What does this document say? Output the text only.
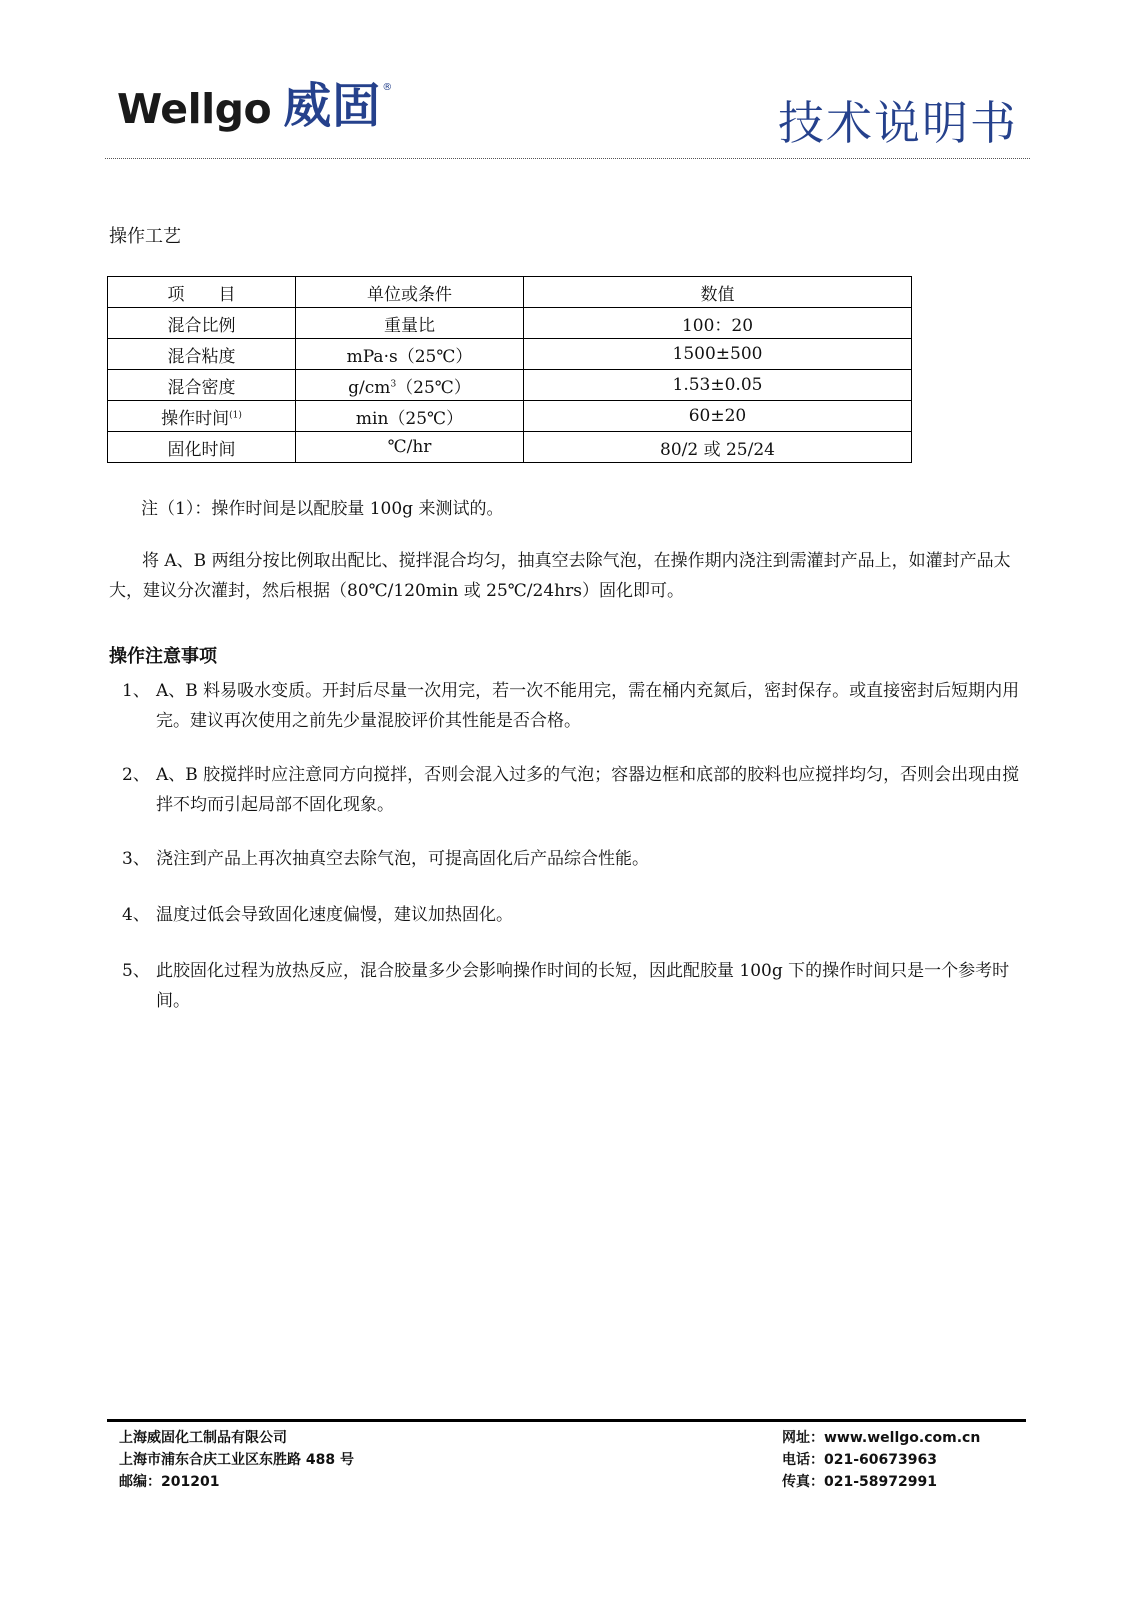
Wellgo 威固 ®
技术说明书
操作工艺
项　　目	单位或条件	数值
混合比例	重量比	100：20
混合粘度	mPa·s（25℃）	1500±500
混合密度	$g/cm^3(25℃)$	1.53±0.05
操作时间$^{(1)}$	min（25℃）	60±20
固化时间	℃/hr	80/2 或 25/24
注（1）：操作时间是以配胶量 100g 来测试的。
将 A、B 两组分按比例取出配比、搅拌混合均匀，抽真空去除气泡，在操作期内浇注到需灌封产品上，如灌封产品太大，建议分次灌封，然后根据（80℃/120min 或 25℃/24hrs）固化即可。
操作注意事项
1、 A、B 料易吸水变质。开封后尽量一次用完，若一次不能用完，需在桶内充氮后，密封保存。或直接密封后短期内用完。建议再次使用之前先少量混胶评价其性能是否合格。
2、 A、B 胶搅拌时应注意同方向搅拌，否则会混入过多的气泡；容器边框和底部的胶料也应搅拌均匀，否则会出现由搅拌不均而引起局部不固化现象。
3、 浇注到产品上再次抽真空去除气泡，可提高固化后产品综合性能。
4、 温度过低会导致固化速度偏慢，建议加热固化。
5、 此胶固化过程为放热反应，混合胶量多少会影响操作时间的长短，因此配胶量 100g 下的操作时间只是一个参考时间。
上海威固化工制品有限公司
上海市浦东合庆工业区东胜路 488 号
邮编：201201
网址：www.wellgo.com.cn
电话：021-60673963
传真：021-58972991
